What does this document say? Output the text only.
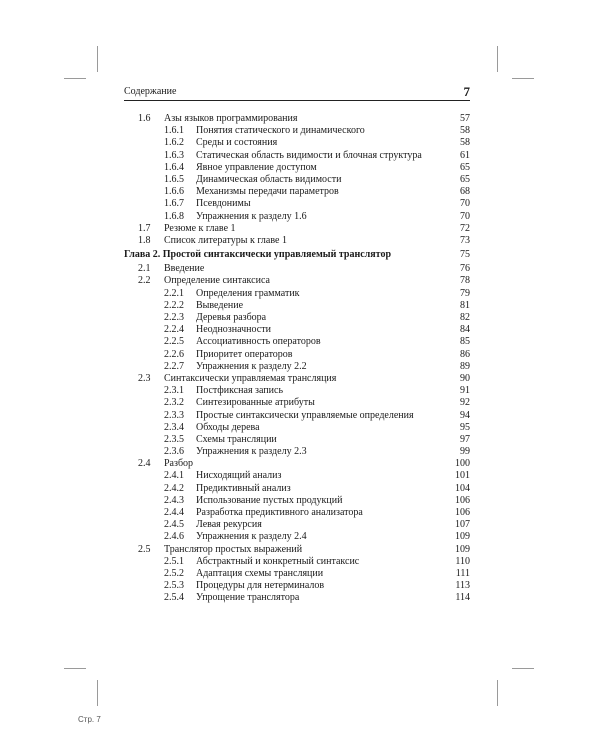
Содержание	7
1.6 Азы языков программирования	57
1.6.1 Понятия статического и динамического	58
1.6.2 Среды и состояния	58
1.6.3 Статическая область видимости и блочная структура	61
1.6.4 Явное управление доступом	65
1.6.5 Динамическая область видимости	65
1.6.6 Механизмы передачи параметров	68
1.6.7 Псевдонимы	70
1.6.8 Упражнения к разделу 1.6	70
1.7 Резюме к главе 1	72
1.8 Список литературы к главе 1	73
Глава 2. Простой синтаксически управляемый транслятор	75
2.1 Введение	76
2.2 Определение синтаксиса	78
2.2.1 Определения грамматик	79
2.2.2 Выведение	81
2.2.3 Деревья разбора	82
2.2.4 Неоднозначности	84
2.2.5 Ассоциативность операторов	85
2.2.6 Приоритет операторов	86
2.2.7 Упражнения к разделу 2.2	89
2.3 Синтаксически управляемая трансляция	90
2.3.1 Постфиксная запись	91
2.3.2 Синтезированные атрибуты	92
2.3.3 Простые синтаксически управляемые определения	94
2.3.4 Обходы дерева	95
2.3.5 Схемы трансляции	97
2.3.6 Упражнения к разделу 2.3	99
2.4 Разбор	100
2.4.1 Нисходящий анализ	101
2.4.2 Предиктивный анализ	104
2.4.3 Использование пустых продукций	106
2.4.4 Разработка предиктивного анализатора	106
2.4.5 Левая рекурсия	107
2.4.6 Упражнения к разделу 2.4	109
2.5 Транслятор простых выражений	109
2.5.1 Абстрактный и конкретный синтаксис	110
2.5.2 Адаптация схемы трансляции	111
2.5.3 Процедуры для нетерминалов	113
2.5.4 Упрощение транслятора	114
Стр. 7
